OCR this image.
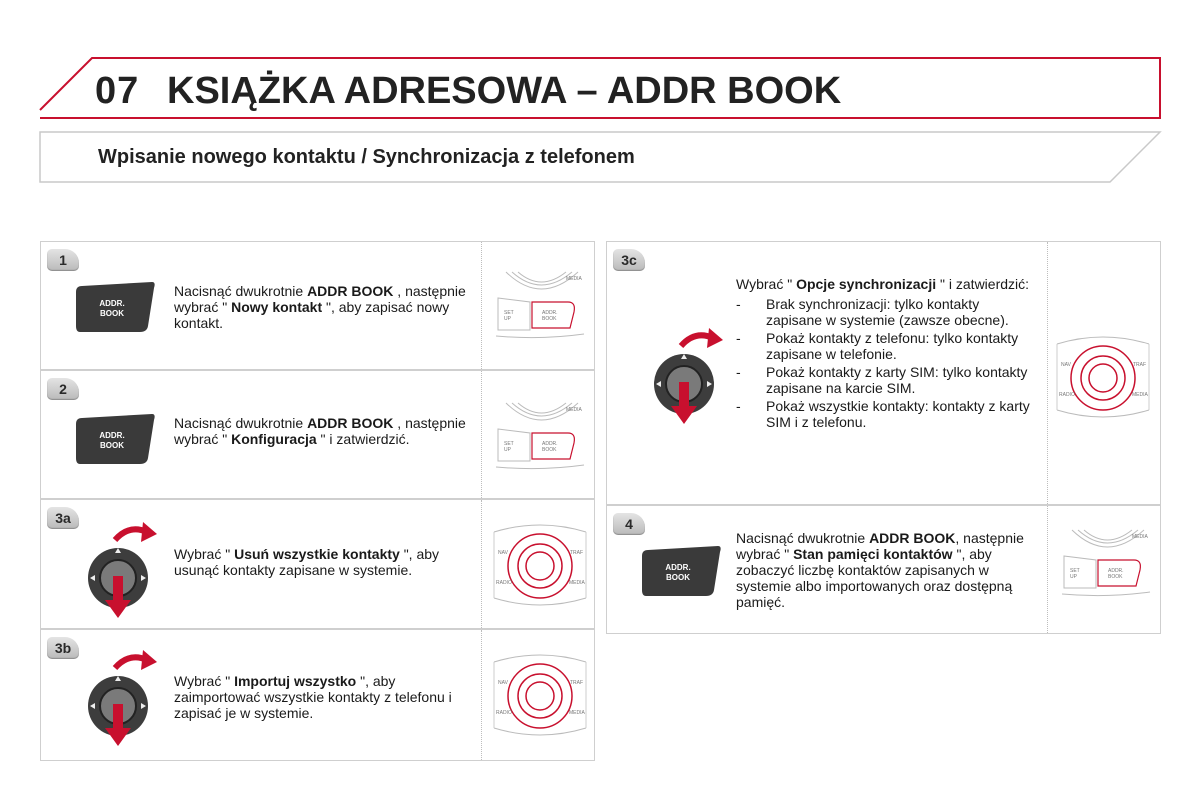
07 KSIĄŻKA ADRESOWA – ADDR BOOK
Wpisanie nowego kontaktu / Synchronizacja z telefonem
1
ADDR.
BOOK
Nacisnąć dwukrotnie ADDR BOOK , następnie wybrać " Nowy kontakt ", aby zapisać nowy kontakt.
MEDIA
SET
UP
ADDR.
BOOK
2
ADDR.
BOOK
Nacisnąć dwukrotnie ADDR BOOK , następnie wybrać " Konfiguracja " i zatwierdzić.
MEDIA
SET
UP
ADDR.
BOOK
3a
Wybrać " Usuń wszystkie kontakty ", aby usunąć kontakty zapisane w systemie.
NAV	TRAF
RADIO	MEDIA
3b
Wybrać " Importuj wszystko ", aby zaimportować wszystkie kontakty z telefonu i zapisać je w systemie.
NAV	TRAF
RADIO	MEDIA
3c
Wybrać " Opcje synchronizacji " i zatwierdzić:
- Brak synchronizacji: tylko kontakty zapisane w systemie (zawsze obecne).
- Pokaż kontakty z telefonu: tylko kontakty zapisane w telefonie.
- Pokaż kontakty z karty SIM: tylko kontakty zapisane na karcie SIM.
- Pokaż wszystkie kontakty: kontakty z karty SIM i z telefonu.
NAV	TRAF
RADIO	MEDIA
4
ADDR.
BOOK
Nacisnąć dwukrotnie ADDR BOOK, następnie wybrać " Stan pamięci kontaktów ", aby zobaczyć liczbę kontaktów zapisanych w systemie albo importowanych oraz dostępną pamięć.
MEDIA
SET
UP
ADDR.
BOOK
